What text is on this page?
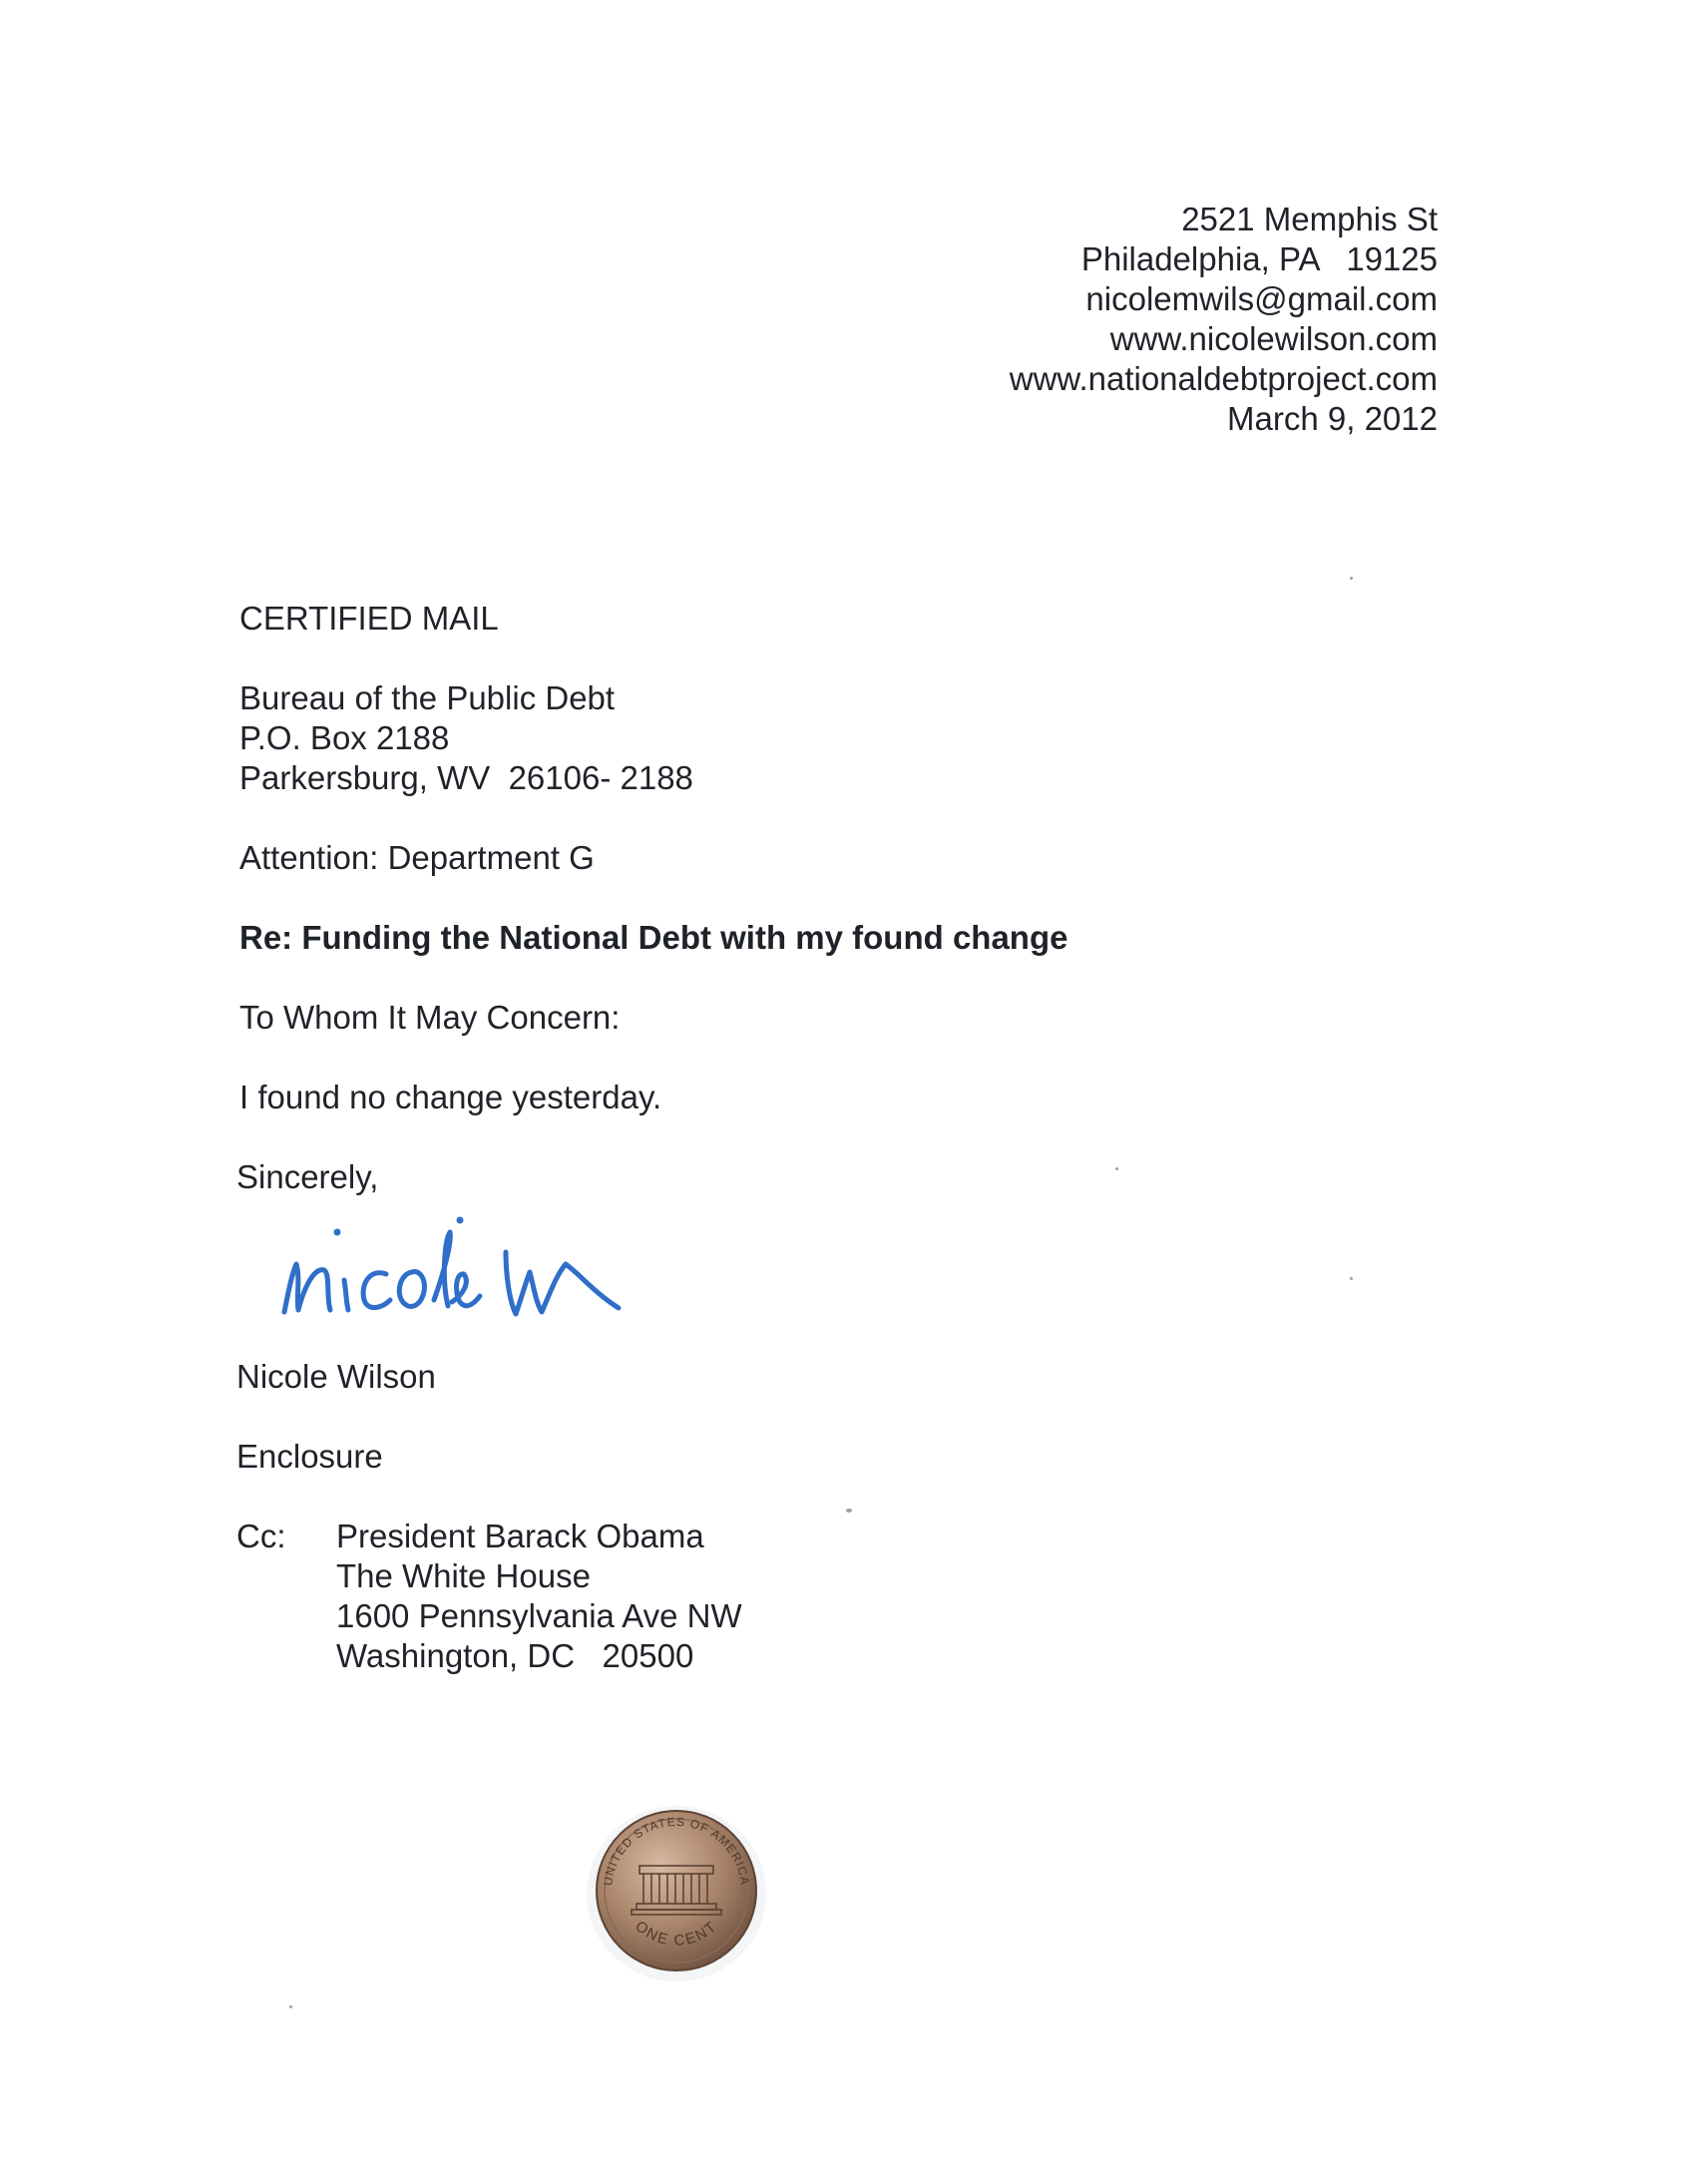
2521 Memphis St
Philadelphia, PA   19125
nicolemwils@gmail.com
www.nicolewilson.com
www.nationaldebtproject.com
March 9, 2012
CERTIFIED MAIL
Bureau of the Public Debt
P.O. Box 2188
Parkersburg, WV  26106- 2188
Attention: Department G
Re: Funding the National Debt with my found change
To Whom It May Concern:
I found no change yesterday.
Sincerely,
Nicole Wilson
Enclosure
Cc: President Barack Obama
The White House
1600 Pennsylvania Ave NW
Washington, DC   20500
UNITED STATES OF AMERICA
ONE CENT
